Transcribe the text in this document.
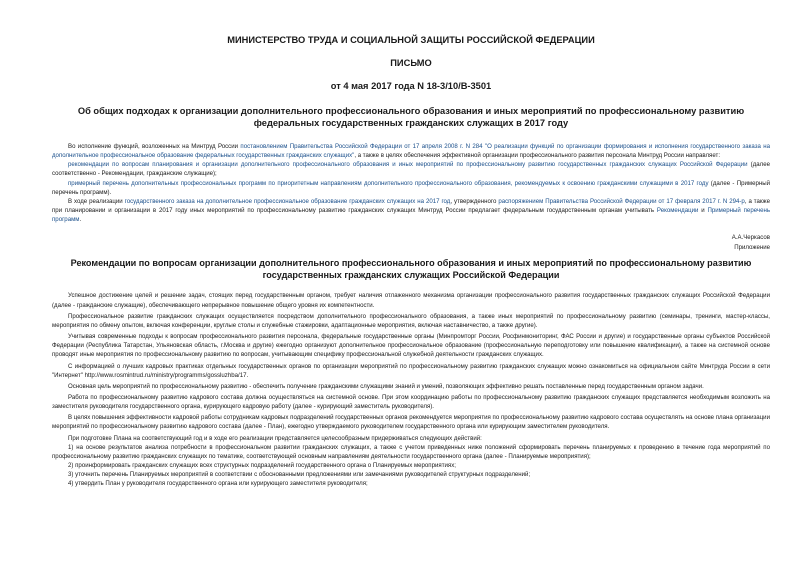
МИНИСТЕРСТВО ТРУДА И СОЦИАЛЬНОЙ ЗАЩИТЫ РОССИЙСКОЙ ФЕДЕРАЦИИ
ПИСЬМО
от 4 мая 2017 года N 18-3/10/В-3501
Об общих подходах к организации дополнительного профессионального образования и иных мероприятий по профессиональному развитию федеральных государственных гражданских служащих в 2017 году

Во исполнение функций, возложенных на Минтруд России постановлением Правительства Российской Федерации от 17 апреля 2008 г. N 284 "О реализации функций по организации формирования и исполнения государственного заказа на дополнительное профессиональное образование федеральных государственных гражданских служащих", а также в целях обеспечения эффективной организации профессионального развития персонала Минтруд России направляет:

рекомендации по вопросам планирования и организации дополнительного профессионального образования и иных мероприятий по профессиональному развитию государственных гражданских служащих Российской Федерации (далее соответственно - Рекомендации, гражданские служащие);

примерный перечень дополнительных профессиональных программ по приоритетным направлениям дополнительного профессионального образования, рекомендуемых к освоению гражданскими служащими в 2017 году (далее - Примерный перечень программ).

В ходе реализации государственного заказа на дополнительное профессиональное образование гражданских служащих на 2017 год, утвержденного распоряжением Правительства Российской Федерации от 17 февраля 2017 г. N 294-р, а также при планировании и организации в 2017 году иных мероприятий по профессиональному развитию гражданских служащих Минтруд России предлагает федеральным государственным органам учитывать Рекомендации и Примерный перечень программ.

А.А.Черкасов

Приложение

Рекомендации по вопросам организации дополнительного профессионального образования и иных мероприятий по профессиональному развитию государственных гражданских служащих Российской Федерации

Успешное достижение целей и решение задач, стоящих перед государственным органом, требует наличия отлаженного механизма организации профессионального развития государственных гражданских служащих Российской Федерации (далее - гражданские служащие), обеспечивающего непрерывное повышение общего уровня их компетентности.

Профессиональное развитие гражданских служащих осуществляется посредством дополнительного профессионального образования, а также иных мероприятий по профессиональному развитию (семинары, тренинги, мастер-классы, мероприятия по обмену опытом, включая конференции, круглые столы и служебные стажировки, адаптационные мероприятия, включая наставничество, а также другие).

Учитывая современные подходы к вопросам профессионального развития персонала, федеральные государственные органы (Минпромторг России, Росфинмониторинг, ФАС России и другие) и государственные органы субъектов Российской Федерации (Республика Татарстан, Ульяновская область, г.Москва и другие) ежегодно организуют дополнительное профессиональное образование (профессиональную переподготовку или повышение квалификации), а также на системной основе проводят иные мероприятия по профессиональному развитию по вопросам, учитывающим специфику профессиональной служебной деятельности гражданских служащих.

С информацией о лучших кадровых практиках отдельных государственных органов по организации мероприятий по профессиональному развитию гражданских служащих можно ознакомиться на официальном сайте Минтруда России в сети "Интернет" http://www.rosmintrud.ru/ministry/programms/gossluzhba/17.

Основная цель мероприятий по профессиональному развитию - обеспечить получение гражданскими служащими знаний и умений, позволяющих эффективно решать поставленные перед государственным органом задачи.

Работа по профессиональному развитию кадрового состава должна осуществляться на системной основе. При этом координацию работы по профессиональному развитию гражданских служащих представляется необходимым возложить на заместителя руководителя государственного органа, курирующего кадровую работу (далее - курирующий заместитель руководителя).

В целях повышения эффективности кадровой работы сотрудникам кадровых подразделений государственных органов рекомендуется мероприятия по профессиональному развитию кадрового состава осуществлять на основе плана организации мероприятий по профессиональному развитию кадрового состава (далее - План), ежегодно утверждаемого руководителем государственного органа или курирующим заместителем руководителя.

При подготовке Плана на соответствующий год и в ходе его реализации представляется целесообразным придерживаться следующих действий:

1) на основе результатов анализа потребности в профессиональном развитии гражданских служащих, а также с учетом приведенных ниже положений сформировать перечень планируемых к проведению в течение года мероприятий по профессиональному развитию гражданских служащих по тематике, соответствующей основным направлениям деятельности государственного органа (далее - Планируемые мероприятия);

2) проинформировать гражданских служащих всех структурных подразделений государственного органа о Планируемых мероприятиях;

3) уточнить перечень Планируемых мероприятий в соответствии с обоснованными предложениями или замечаниями руководителей структурных подразделений;

4) утвердить План у руководителя государственного органа или курирующего заместителя руководителя;
